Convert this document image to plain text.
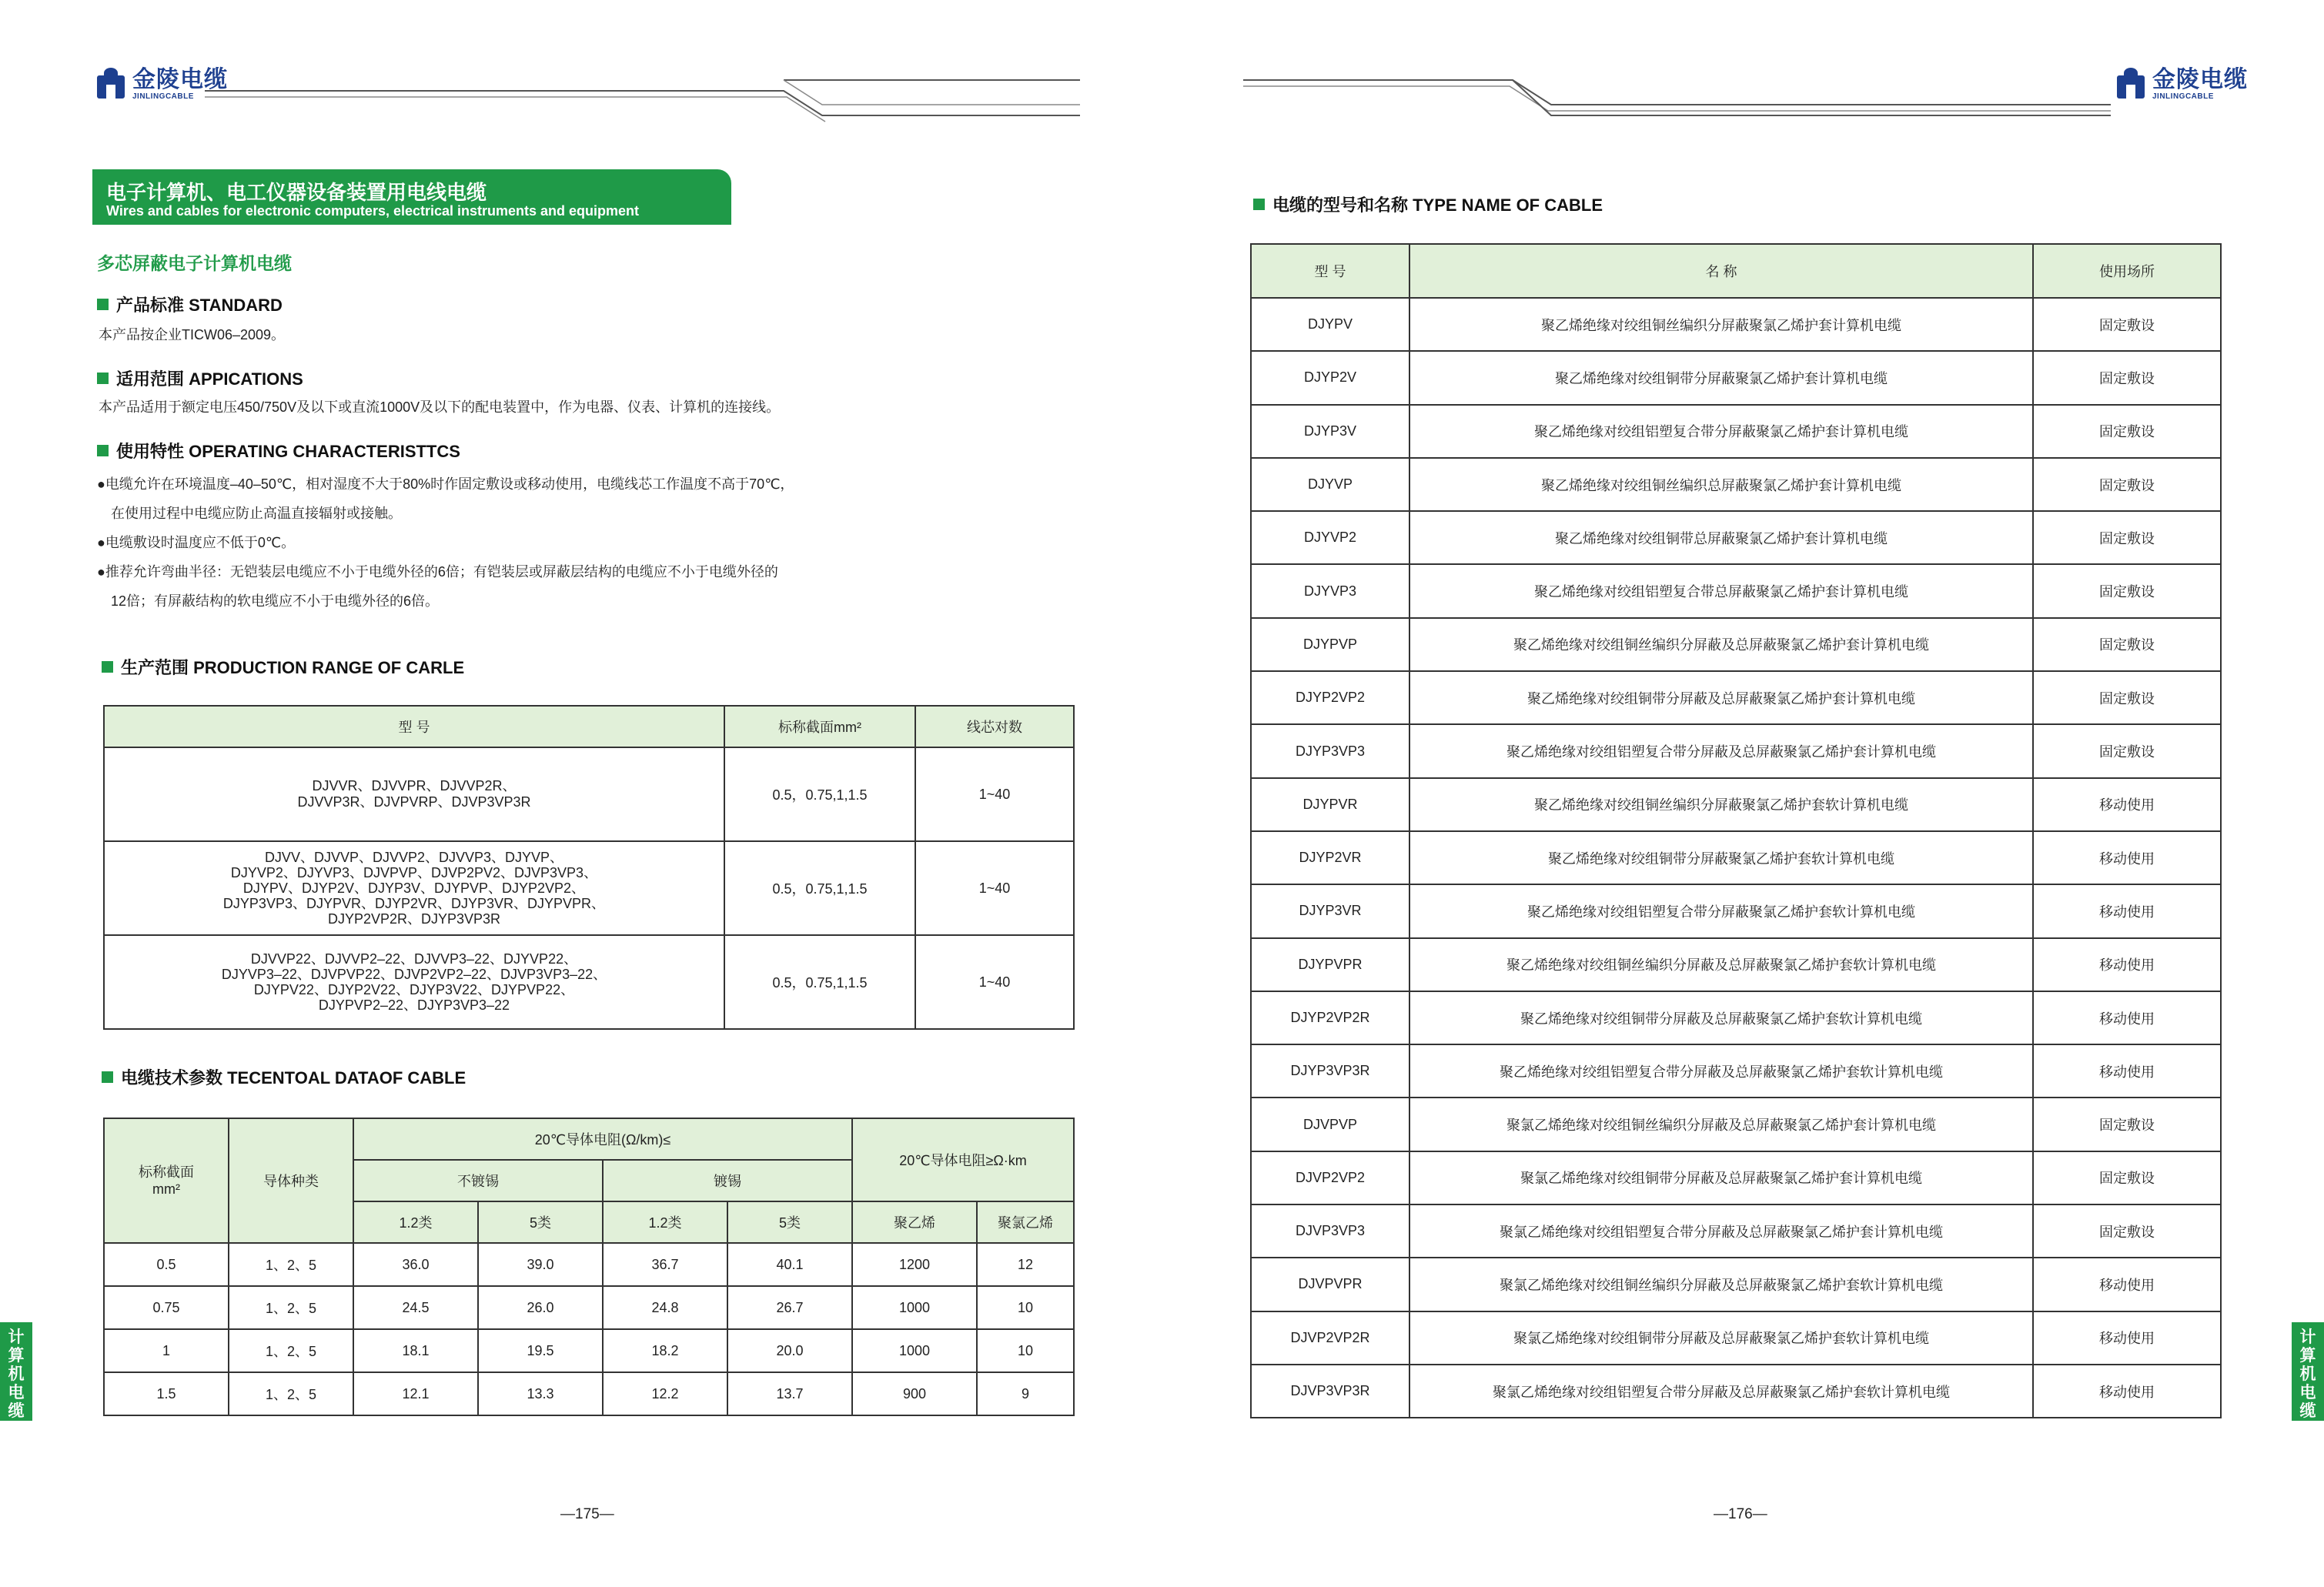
金陵电缆
JINLINGCABLE
电子计算机、电工仪器设备装置用电线电缆
Wires and cables for electronic computers, electrical instruments and equipment
多芯屏蔽电子计算机电缆
产品标准 STANDARD
本产品按企业TICW06–2009。
适用范围 APPICATIONS
本产品适用于额定电压450/750V及以下或直流1000V及以下的配电装置中，作为电器、仪表、计算机的连接线。
使用特性 OPERATING CHARACTERISTTCS
●电缆允许在环境温度–40–50℃，相对湿度不大于80%时作固定敷设或移动使用，电缆线芯工作温度不高于70℃，
　在使用过程中电缆应防止高温直接辐射或接触。
●电缆敷设时温度应不低于0℃。
●推荐允许弯曲半径：无铠装层电缆应不小于电缆外径的6倍；有铠装层或屏蔽层结构的电缆应不小于电缆外径的
　12倍；有屏蔽结构的软电缆应不小于电缆外径的6倍。
生产范围 PRODUCTION RANGE OF CARLE
型 号	标称截面mm²	线芯对数

DJVVR、DJVVPR、DJVVP2R、
DJVVP3R、DJVPVRP、DJVP3VP3R	0.5，0.75,1,1.5	1~40

DJVV、DJVVP、DJVVP2、DJVVP3、DJYVP、
DJYVP2、DJYVP3、DJVPVP、DJVP2PV2、DJVP3VP3、
DJYPV、DJYP2V、DJYP3V、DJYPVP、DJYP2VP2、
DJYP3VP3、DJYPVR、DJYP2VR、DJYP3VR、DJYPVPR、
DJYP2VP2R、DJYP3VP3R	0.5，0.75,1,1.5	1~40

DJVVP22、DJVVP2–22、DJVVP3–22、DJYVP22、
DJYVP3–22、DJVPVP22、DJVP2VP2–22、DJVP3VP3–22、
DJYPV22、DJYP2V22、DJYP3V22、DJYPVP22、
DJYPVP2–22、DJYP3VP3–22	0.5，0.75,1,1.5	1~40
电缆技术参数 TECENTOAL DATAOF CABLE
标称截面
mm²	导体种类	20℃导体电阻(Ω/km)≤				20℃导体电阻≥Ω·km	
		不镀锡		镀锡			
		1.2类	5类	1.2类	5类	聚乙烯	聚氯乙烯
0.5	1、2、5	36.0	39.0	36.7	40.1	1200	12
0.75	1、2、5	24.5	26.0	24.8	26.7	1000	10
1	1、2、5	18.1	19.5	18.2	20.0	1000	10
1.5	1、2、5	12.1	13.3	12.2	13.7	900	9
计
算
机
电
缆
—175—
金陵电缆
JINLINGCABLE
电缆的型号和名称 TYPE NAME OF CABLE
型 号	名 称	使用场所
DJYPV	聚乙烯绝缘对绞组铜丝编织分屏蔽聚氯乙烯护套计算机电缆	固定敷设
DJYP2V	聚乙烯绝缘对绞组铜带分屏蔽聚氯乙烯护套计算机电缆	固定敷设
DJYP3V	聚乙烯绝缘对绞组铝塑复合带分屏蔽聚氯乙烯护套计算机电缆	固定敷设
DJYVP	聚乙烯绝缘对绞组铜丝编织总屏蔽聚氯乙烯护套计算机电缆	固定敷设
DJYVP2	聚乙烯绝缘对绞组铜带总屏蔽聚氯乙烯护套计算机电缆	固定敷设
DJYVP3	聚乙烯绝缘对绞组铝塑复合带总屏蔽聚氯乙烯护套计算机电缆	固定敷设
DJYPVP	聚乙烯绝缘对绞组铜丝编织分屏蔽及总屏蔽聚氯乙烯护套计算机电缆	固定敷设
DJYP2VP2	聚乙烯绝缘对绞组铜带分屏蔽及总屏蔽聚氯乙烯护套计算机电缆	固定敷设
DJYP3VP3	聚乙烯绝缘对绞组铝塑复合带分屏蔽及总屏蔽聚氯乙烯护套计算机电缆	固定敷设
DJYPVR	聚乙烯绝缘对绞组铜丝编织分屏蔽聚氯乙烯护套软计算机电缆	移动使用
DJYP2VR	聚乙烯绝缘对绞组铜带分屏蔽聚氯乙烯护套软计算机电缆	移动使用
DJYP3VR	聚乙烯绝缘对绞组铝塑复合带分屏蔽聚氯乙烯护套软计算机电缆	移动使用
DJYPVPR	聚乙烯绝缘对绞组铜丝编织分屏蔽及总屏蔽聚氯乙烯护套软计算机电缆	移动使用
DJYP2VP2R	聚乙烯绝缘对绞组铜带分屏蔽及总屏蔽聚氯乙烯护套软计算机电缆	移动使用
DJYP3VP3R	聚乙烯绝缘对绞组铝塑复合带分屏蔽及总屏蔽聚氯乙烯护套软计算机电缆	移动使用
DJVPVP	聚氯乙烯绝缘对绞组铜丝编织分屏蔽及总屏蔽聚氯乙烯护套计算机电缆	固定敷设
DJVP2VP2	聚氯乙烯绝缘对绞组铜带分屏蔽及总屏蔽聚氯乙烯护套计算机电缆	固定敷设
DJVP3VP3	聚氯乙烯绝缘对绞组铝塑复合带分屏蔽及总屏蔽聚氯乙烯护套计算机电缆	固定敷设
DJVPVPR	聚氯乙烯绝缘对绞组铜丝编织分屏蔽及总屏蔽聚氯乙烯护套软计算机电缆	移动使用
DJVP2VP2R	聚氯乙烯绝缘对绞组铜带分屏蔽及总屏蔽聚氯乙烯护套软计算机电缆	移动使用
DJVP3VP3R	聚氯乙烯绝缘对绞组铝塑复合带分屏蔽及总屏蔽聚氯乙烯护套软计算机电缆	移动使用
计
算
机
电
缆
—176—
